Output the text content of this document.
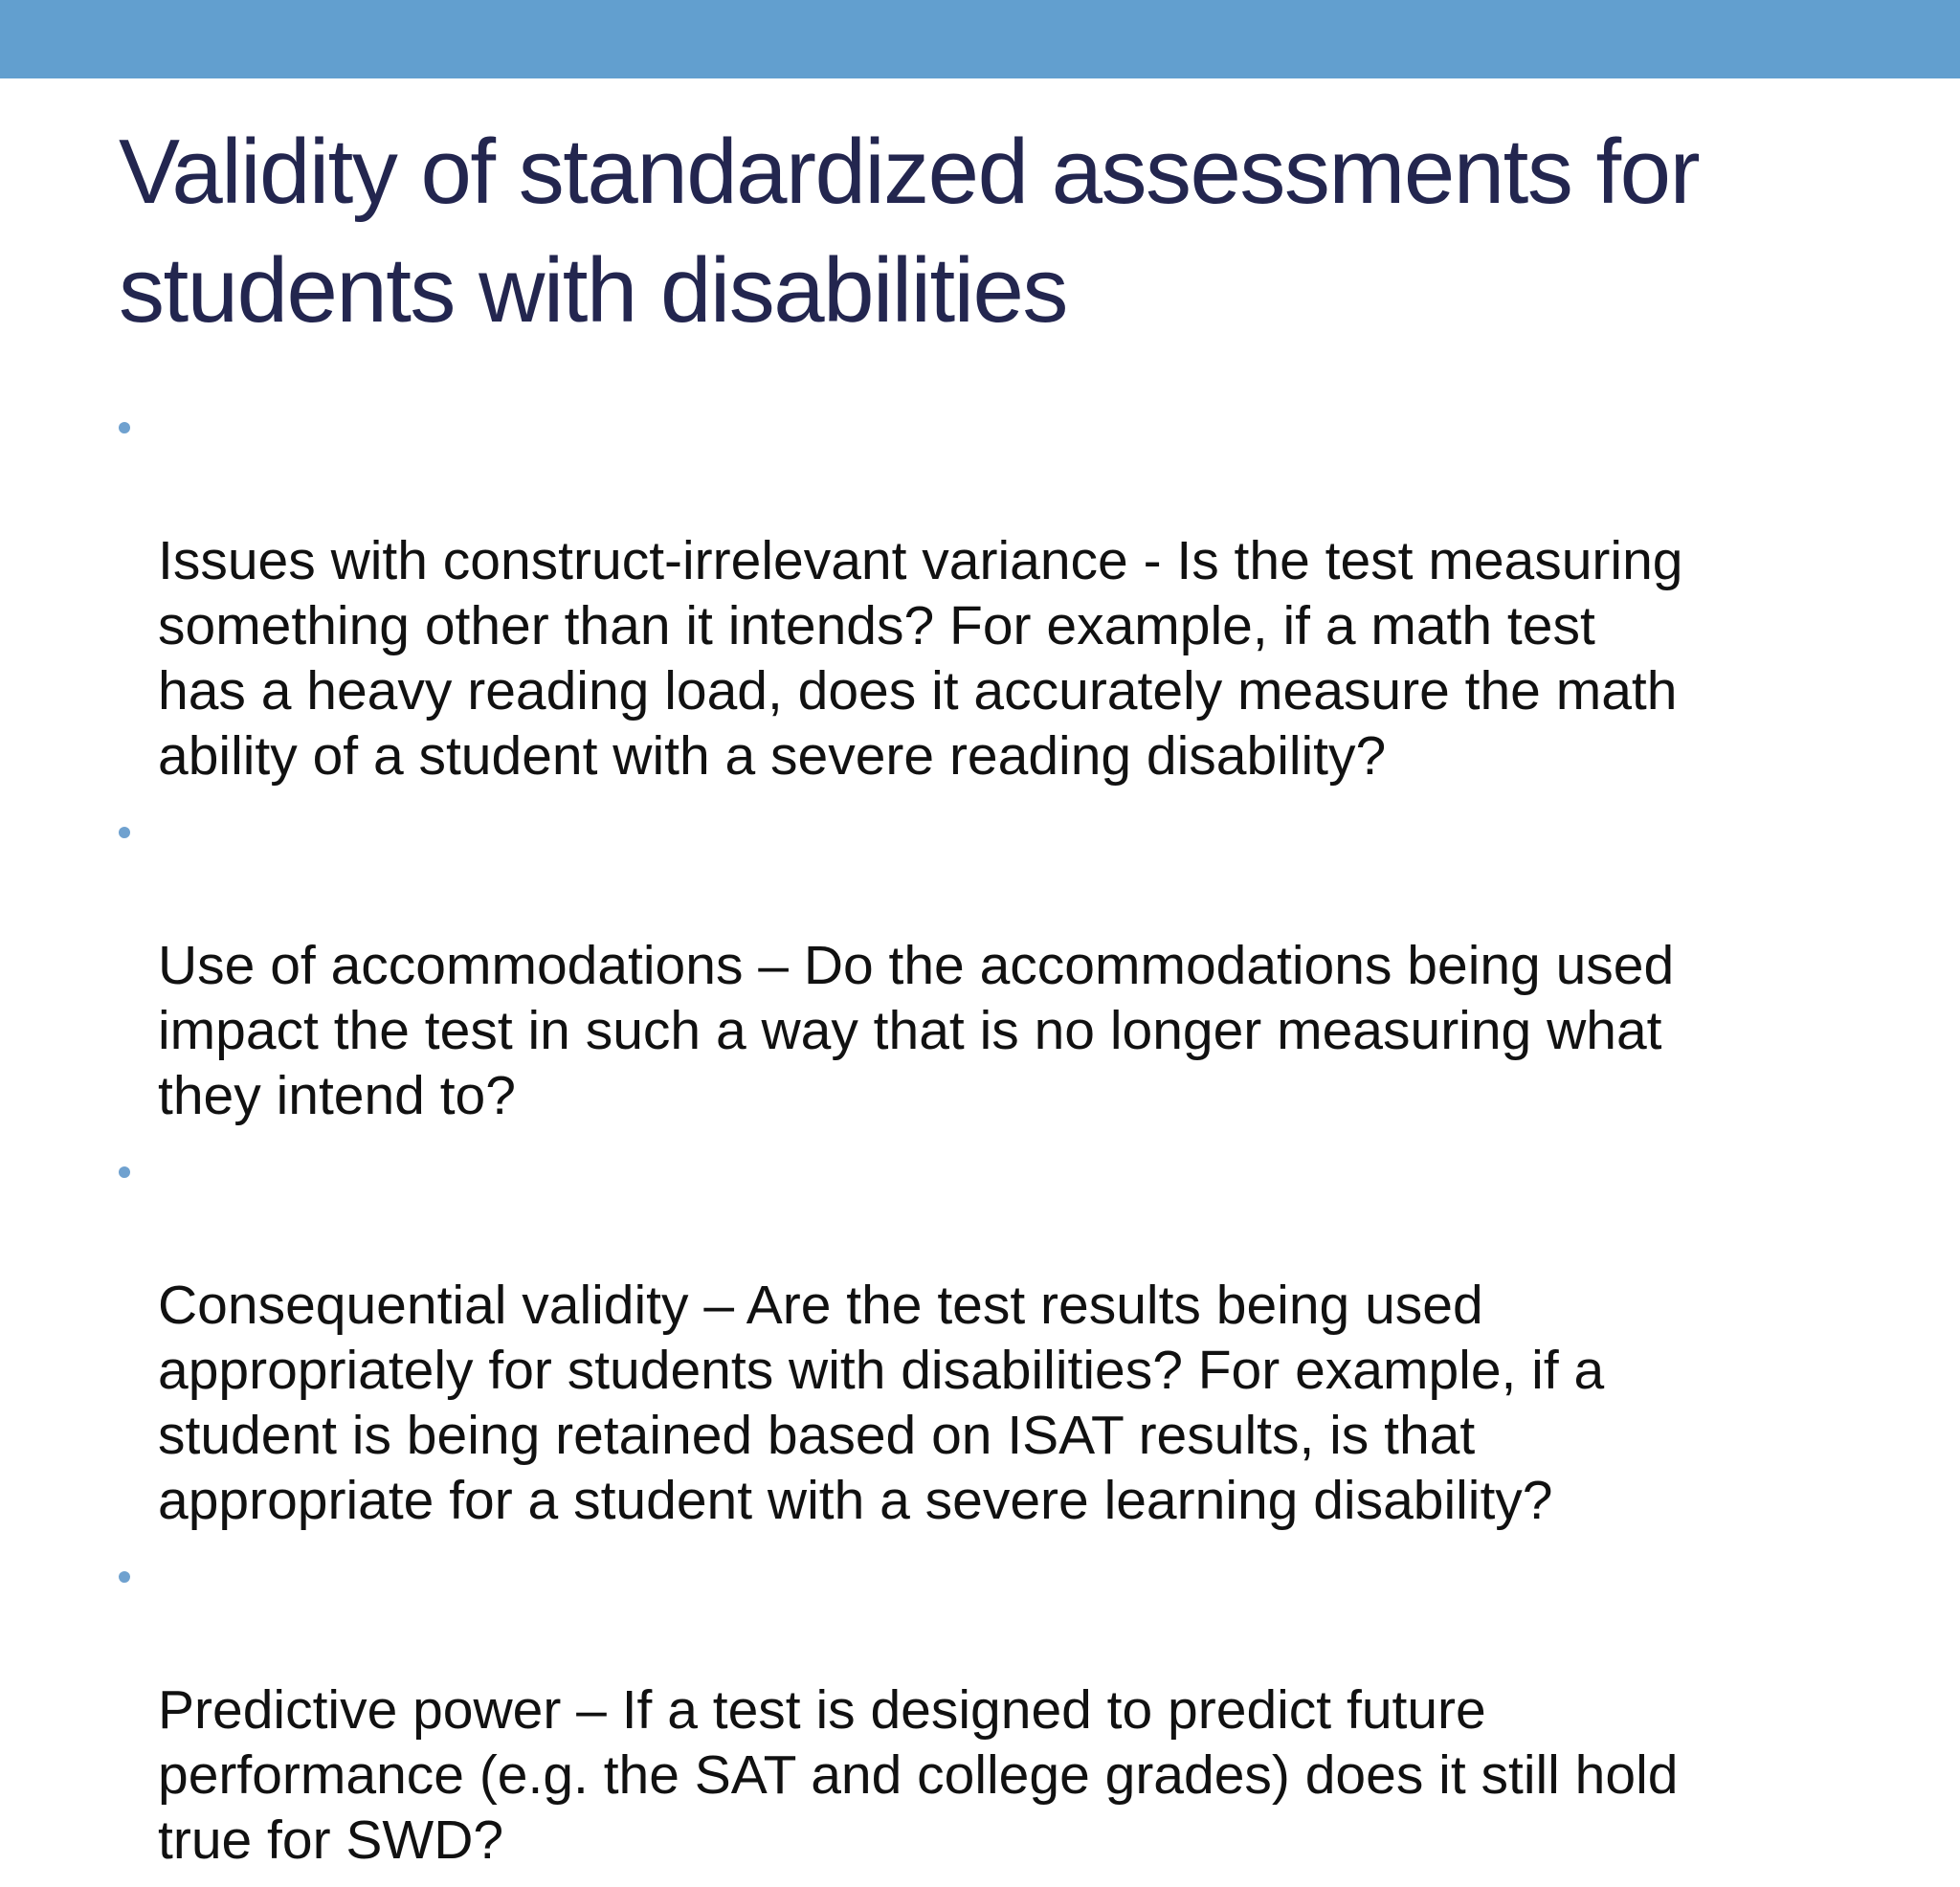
Validity of standardized assessments for
students with disabilities

Issues with construct-irrelevant variance - Is the test measuring
something other than it intends? For example, if a math test
has a heavy reading load, does it accurately measure the math
ability of a student with a severe reading disability?

Use of accommodations – Do the accommodations being used
impact the test in such a way that is no longer measuring what
they intend to?

Consequential validity – Are the test results being used
appropriately for students with disabilities? For example, if a
student is being retained based on ISAT results, is that
appropriate for a student with a severe learning disability?

Predictive power – If a test is designed to predict future
performance (e.g. the SAT and college grades) does it still hold
true for SWD?
